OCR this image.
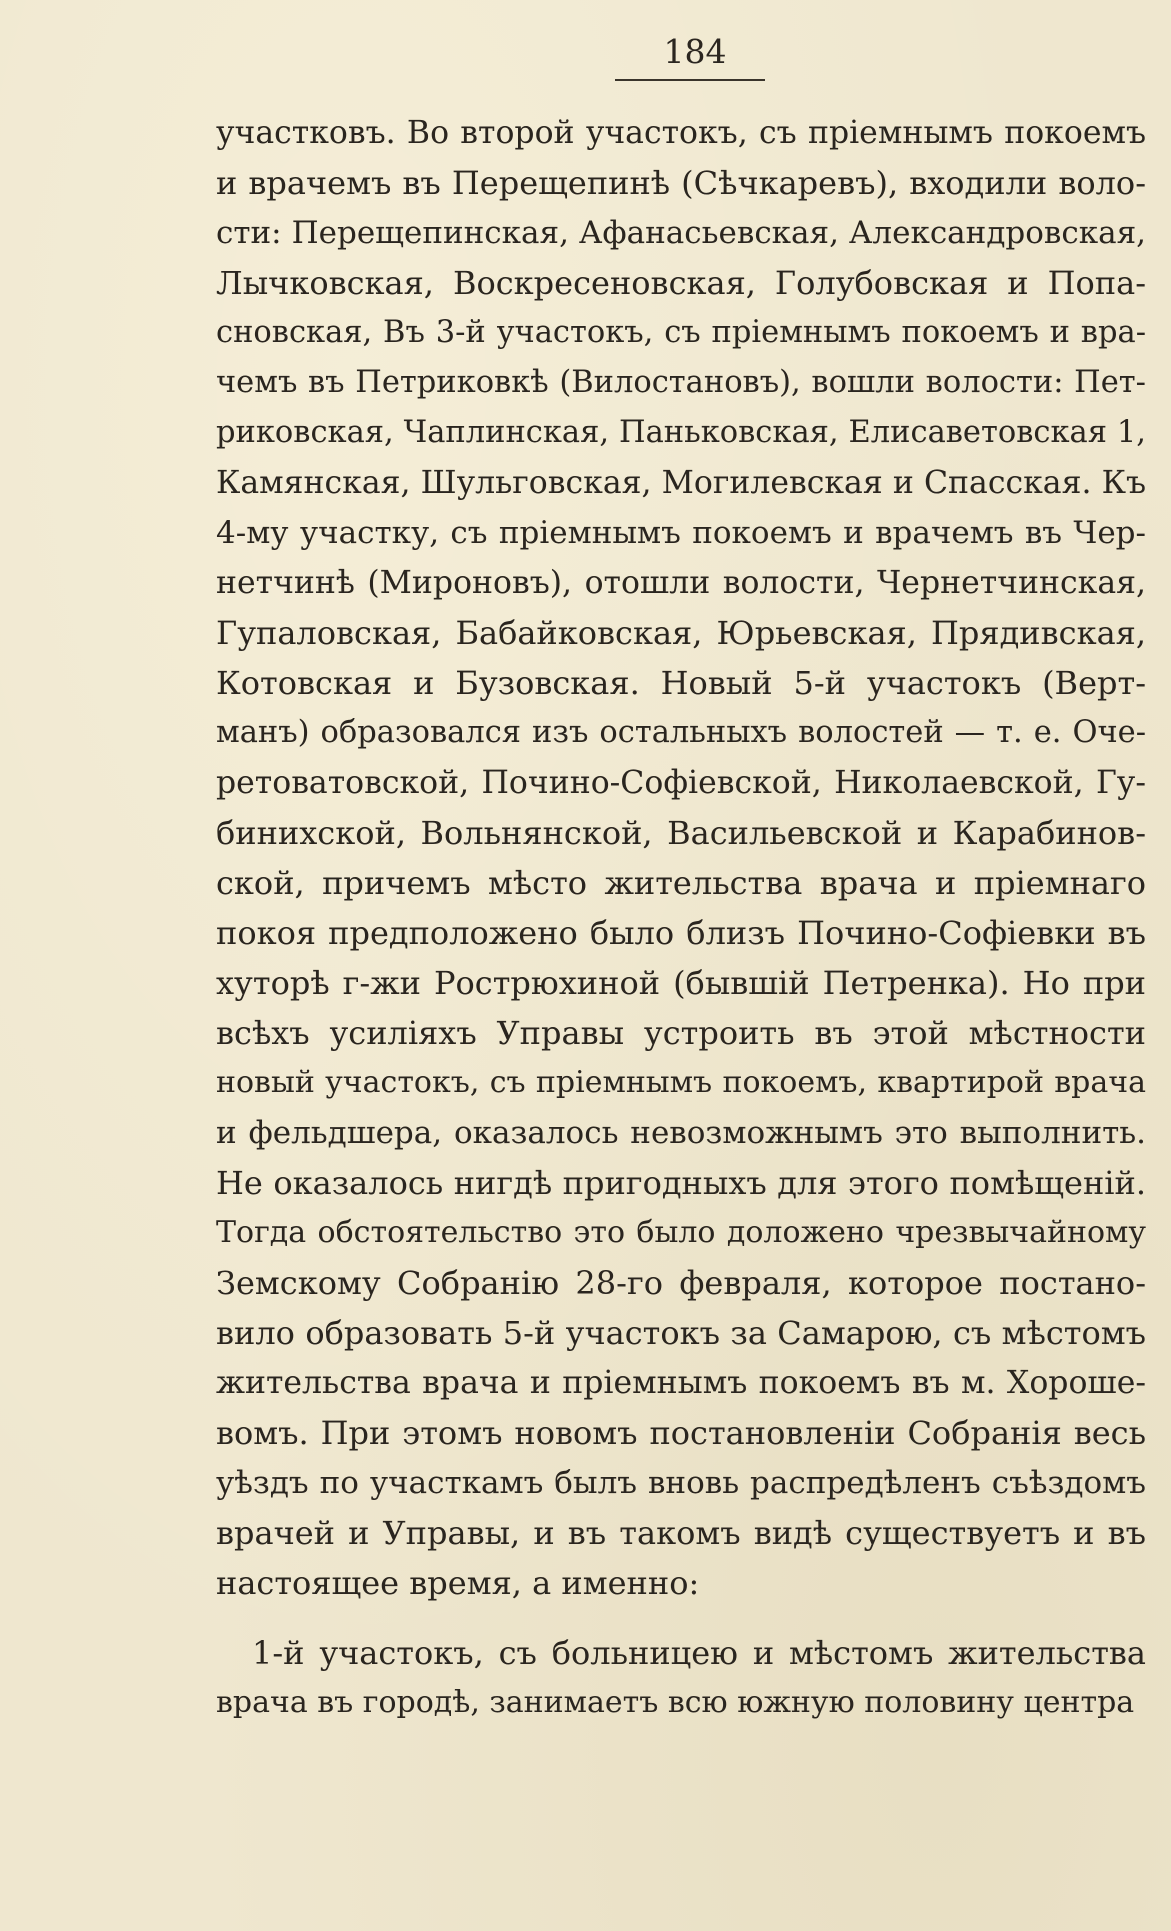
184
участковъ. Во второй участокъ, съ пріемнымъ покоемъ
и врачемъ въ Перещепинѣ (Сѣчкаревъ), входили воло-
сти: Перещепинская, Афанасьевская, Александровская,
Лычковская, Воскресеновская, Голубовская и Попа-
сновская, Въ 3-й участокъ, съ пріемнымъ покоемъ и вра-
чемъ въ Петриковкѣ (Вилостановъ), вошли волости: Пет-
риковская, Чаплинская, Паньковская, Елисаветовская 1,
Камянская, Шульговская, Могилевская и Спасская. Къ
4-му участку, съ пріемнымъ покоемъ и врачемъ въ Чер-
нетчинѣ (Мироновъ), отошли волости, Чернетчинская,
Гупаловская, Бабайковская, Юрьевская, Прядивская,
Котовская и Бузовская. Новый 5-й участокъ (Верт-
манъ) образовался изъ остальныхъ волостей — т. е. Оче-
ретоватовской, Почино-Софіевской, Николаевской, Гу-
бинихской, Вольнянской, Васильевской и Карабинов-
ской, причемъ мѣсто жительства врача и пріемнаго
покоя предположено было близъ Почино-Софіевки въ
хуторѣ г-жи Рострюхиной (бывшій Петренка). Но при
всѣхъ усиліяхъ Управы устроить въ этой мѣстности
новый участокъ, съ пріемнымъ покоемъ, квартирой врача
и фельдшера, оказалось невозможнымъ это выполнить.
Не оказалось нигдѣ пригодныхъ для этого помѣщеній.
Тогда обстоятельство это было доложено чрезвычайному
Земскому Собранію 28-го февраля, которое постано-
вило образовать 5-й участокъ за Самарою, съ мѣстомъ
жительства врача и пріемнымъ покоемъ въ м. Хороше-
вомъ. При этомъ новомъ постановленіи Собранія весь
уѣздъ по участкамъ былъ вновь распредѣленъ съѣздомъ
врачей и Управы, и въ такомъ видѣ существуетъ и въ
настоящее время, а именно:
1-й участокъ, съ больницею и мѣстомъ жительства
врача въ городѣ, занимаетъ всю южную половину центра
